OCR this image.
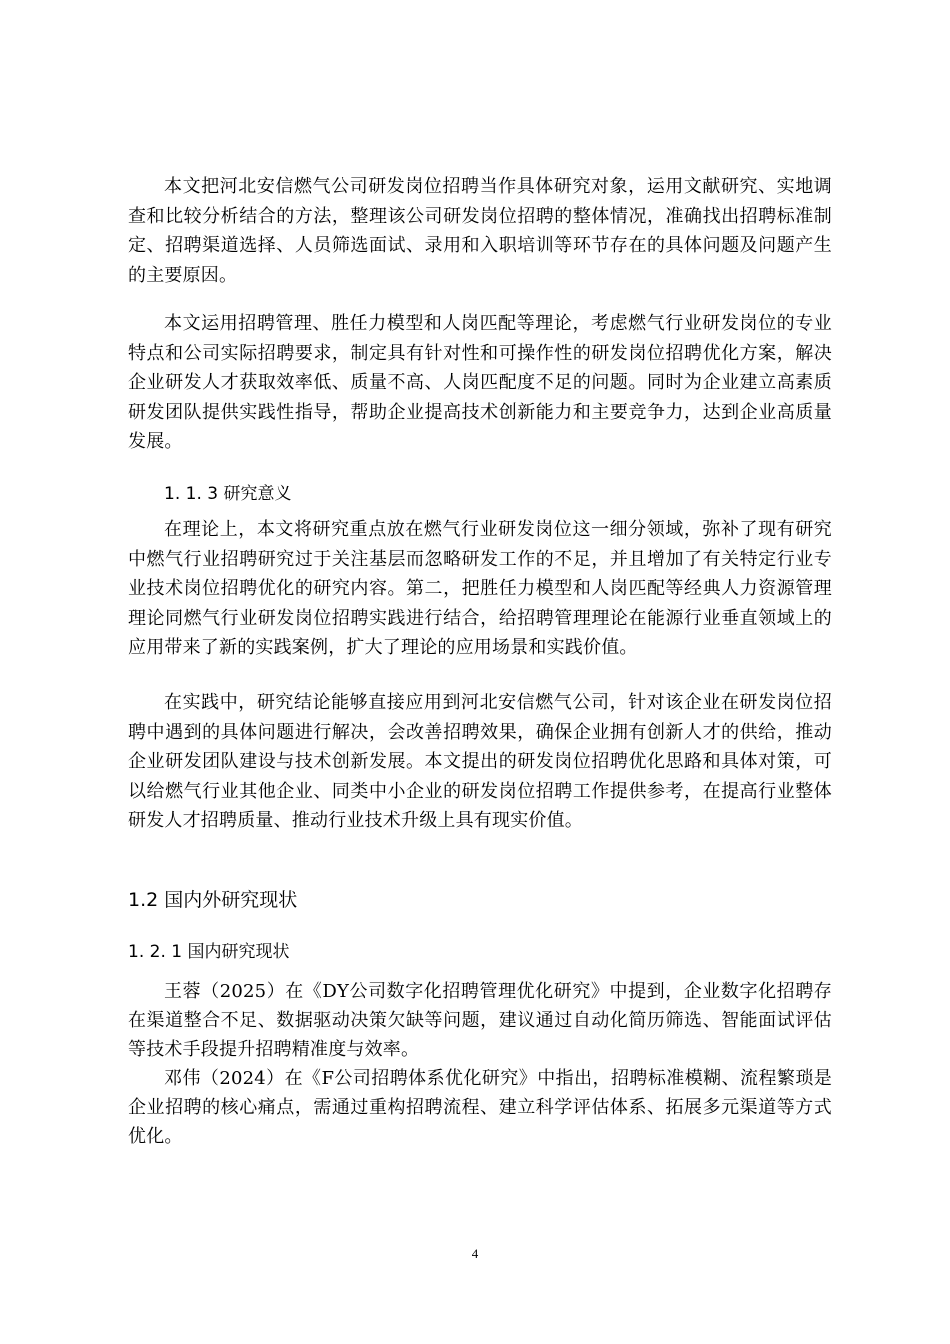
本文把河北安信燃气公司研发岗位招聘当作具体研究对象，运用文献研究、实地调查和比较分析结合的方法，整理该公司研发岗位招聘的整体情况，准确找出招聘标准制定、招聘渠道选择、人员筛选面试、录用和入职培训等环节存在的具体问题及问题产生的主要原因。

本文运用招聘管理、胜任力模型和人岗匹配等理论，考虑燃气行业研发岗位的专业特点和公司实际招聘要求，制定具有针对性和可操作性的研发岗位招聘优化方案，解决企业研发人才获取效率低、质量不高、人岗匹配度不足的问题。同时为企业建立高素质研发团队提供实践性指导，帮助企业提高技术创新能力和主要竞争力，达到企业高质量发展。

1. 1. 3 研究意义

在理论上，本文将研究重点放在燃气行业研发岗位这一细分领域，弥补了现有研究中燃气行业招聘研究过于关注基层而忽略研发工作的不足，并且增加了有关特定行业专业技术岗位招聘优化的研究内容。第二，把胜任力模型和人岗匹配等经典人力资源管理理论同燃气行业研发岗位招聘实践进行结合，给招聘管理理论在能源行业垂直领域上的应用带来了新的实践案例，扩大了理论的应用场景和实践价值。

在实践中，研究结论能够直接应用到河北安信燃气公司，针对该企业在研发岗位招聘中遇到的具体问题进行解决，会改善招聘效果，确保企业拥有创新人才的供给，推动企业研发团队建设与技术创新发展。本文提出的研发岗位招聘优化思路和具体对策，可以给燃气行业其他企业、同类中小企业的研发岗位招聘工作提供参考，在提高行业整体研发人才招聘质量、推动行业技术升级上具有现实价值。

1.2 国内外研究现状
1. 2. 1 国内研究现状

王蓉（2025）在《DY公司数字化招聘管理优化研究》中提到，企业数字化招聘存在渠道整合不足、数据驱动决策欠缺等问题，建议通过自动化简历筛选、智能面试评估等技术手段提升招聘精准度与效率。

邓伟（2024）在《F公司招聘体系优化研究》中指出，招聘标准模糊、流程繁琐是企业招聘的核心痛点，需通过重构招聘流程、建立科学评估体系、拓展多元渠道等方式优化。

4
